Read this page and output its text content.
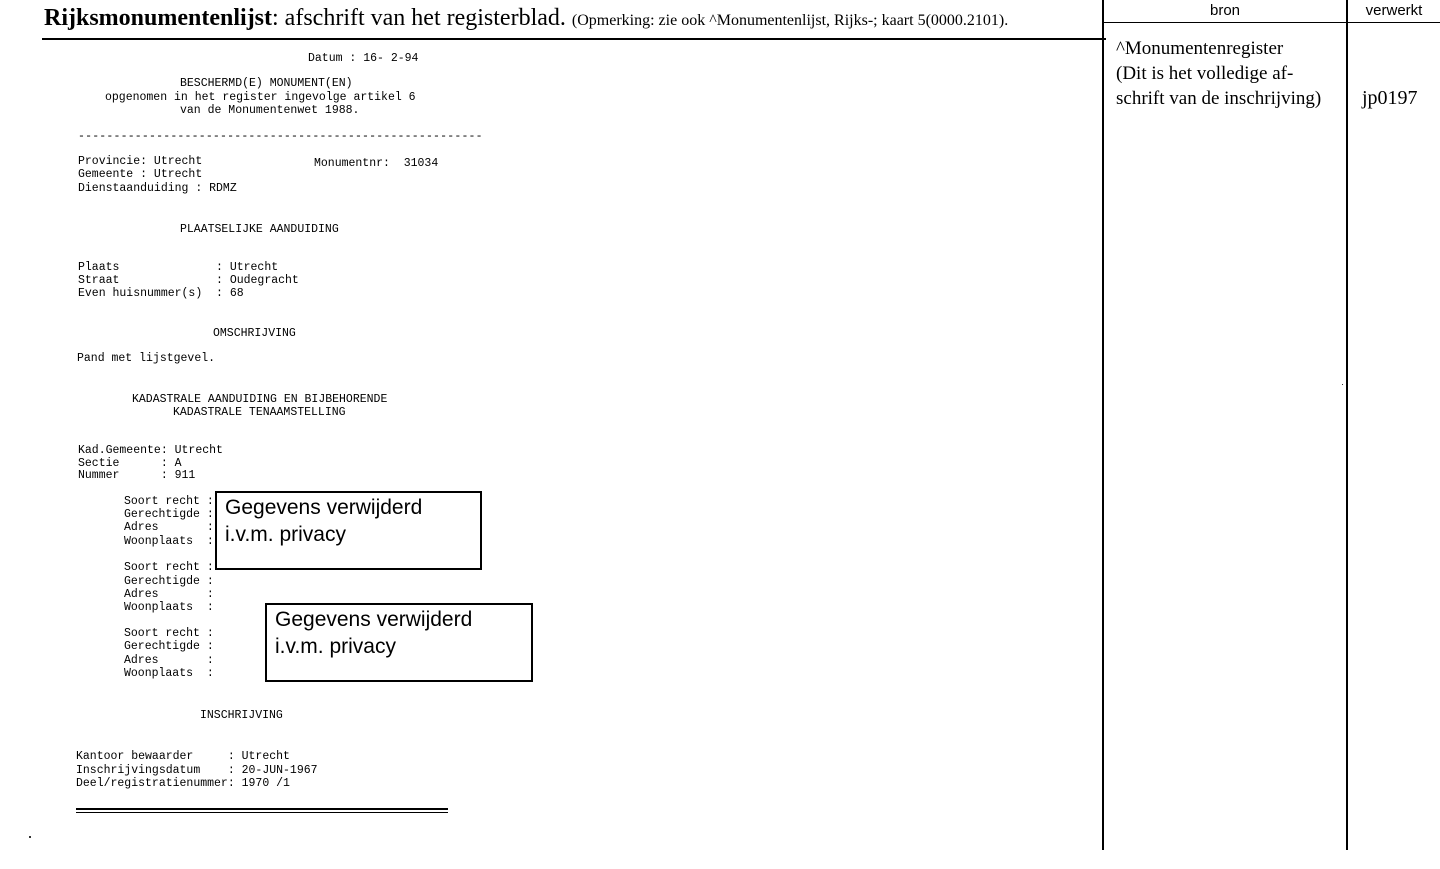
Rijksmonumentenlijst: afschrift van het registerblad. (Opmerking: zie ook ^Monumentenlijst, Rijks-; kaart 5(0000.2101).
bron	verwerkt
^Monumentenregister
(Dit is het volledige af-
schrift van de inschrijving)	jp0197
Datum : 16- 2-94
BESCHERMD(E) MONUMENT(EN)
opgenomen in het register ingevolge artikel 6
van de Monumentenwet 1988.
---------------------------------------------------------
Provincie: Utrecht	Monumentnr:  31034
Gemeente : Utrecht
Dienstaanduiding : RDMZ
PLAATSELIJKE AANDUIDING
Plaats              : Utrecht
Straat              : Oudegracht
Even huisnummer(s)  : 68
OMSCHRIJVING
Pand met lijstgevel.
KADASTRALE AANDUIDING EN BIJBEHORENDE
KADASTRALE TENAAMSTELLING
Kad.Gemeente: Utrecht
Sectie      : A
Nummer      : 911
Soort recht :
Gerechtigde :
Adres       :
Woonplaats  :
Soort recht :
Gerechtigde :
Adres       :
Woonplaats  :
Soort recht :
Gerechtigde :
Adres       :
Woonplaats  :
INSCHRIJVING
Kantoor bewaarder     : Utrecht
Inschrijvingsdatum    : 20-JUN-1967
Deel/registratienummer: 1970 /1
Gegevens verwijderd
i.v.m. privacy
Gegevens verwijderd
i.v.m. privacy
